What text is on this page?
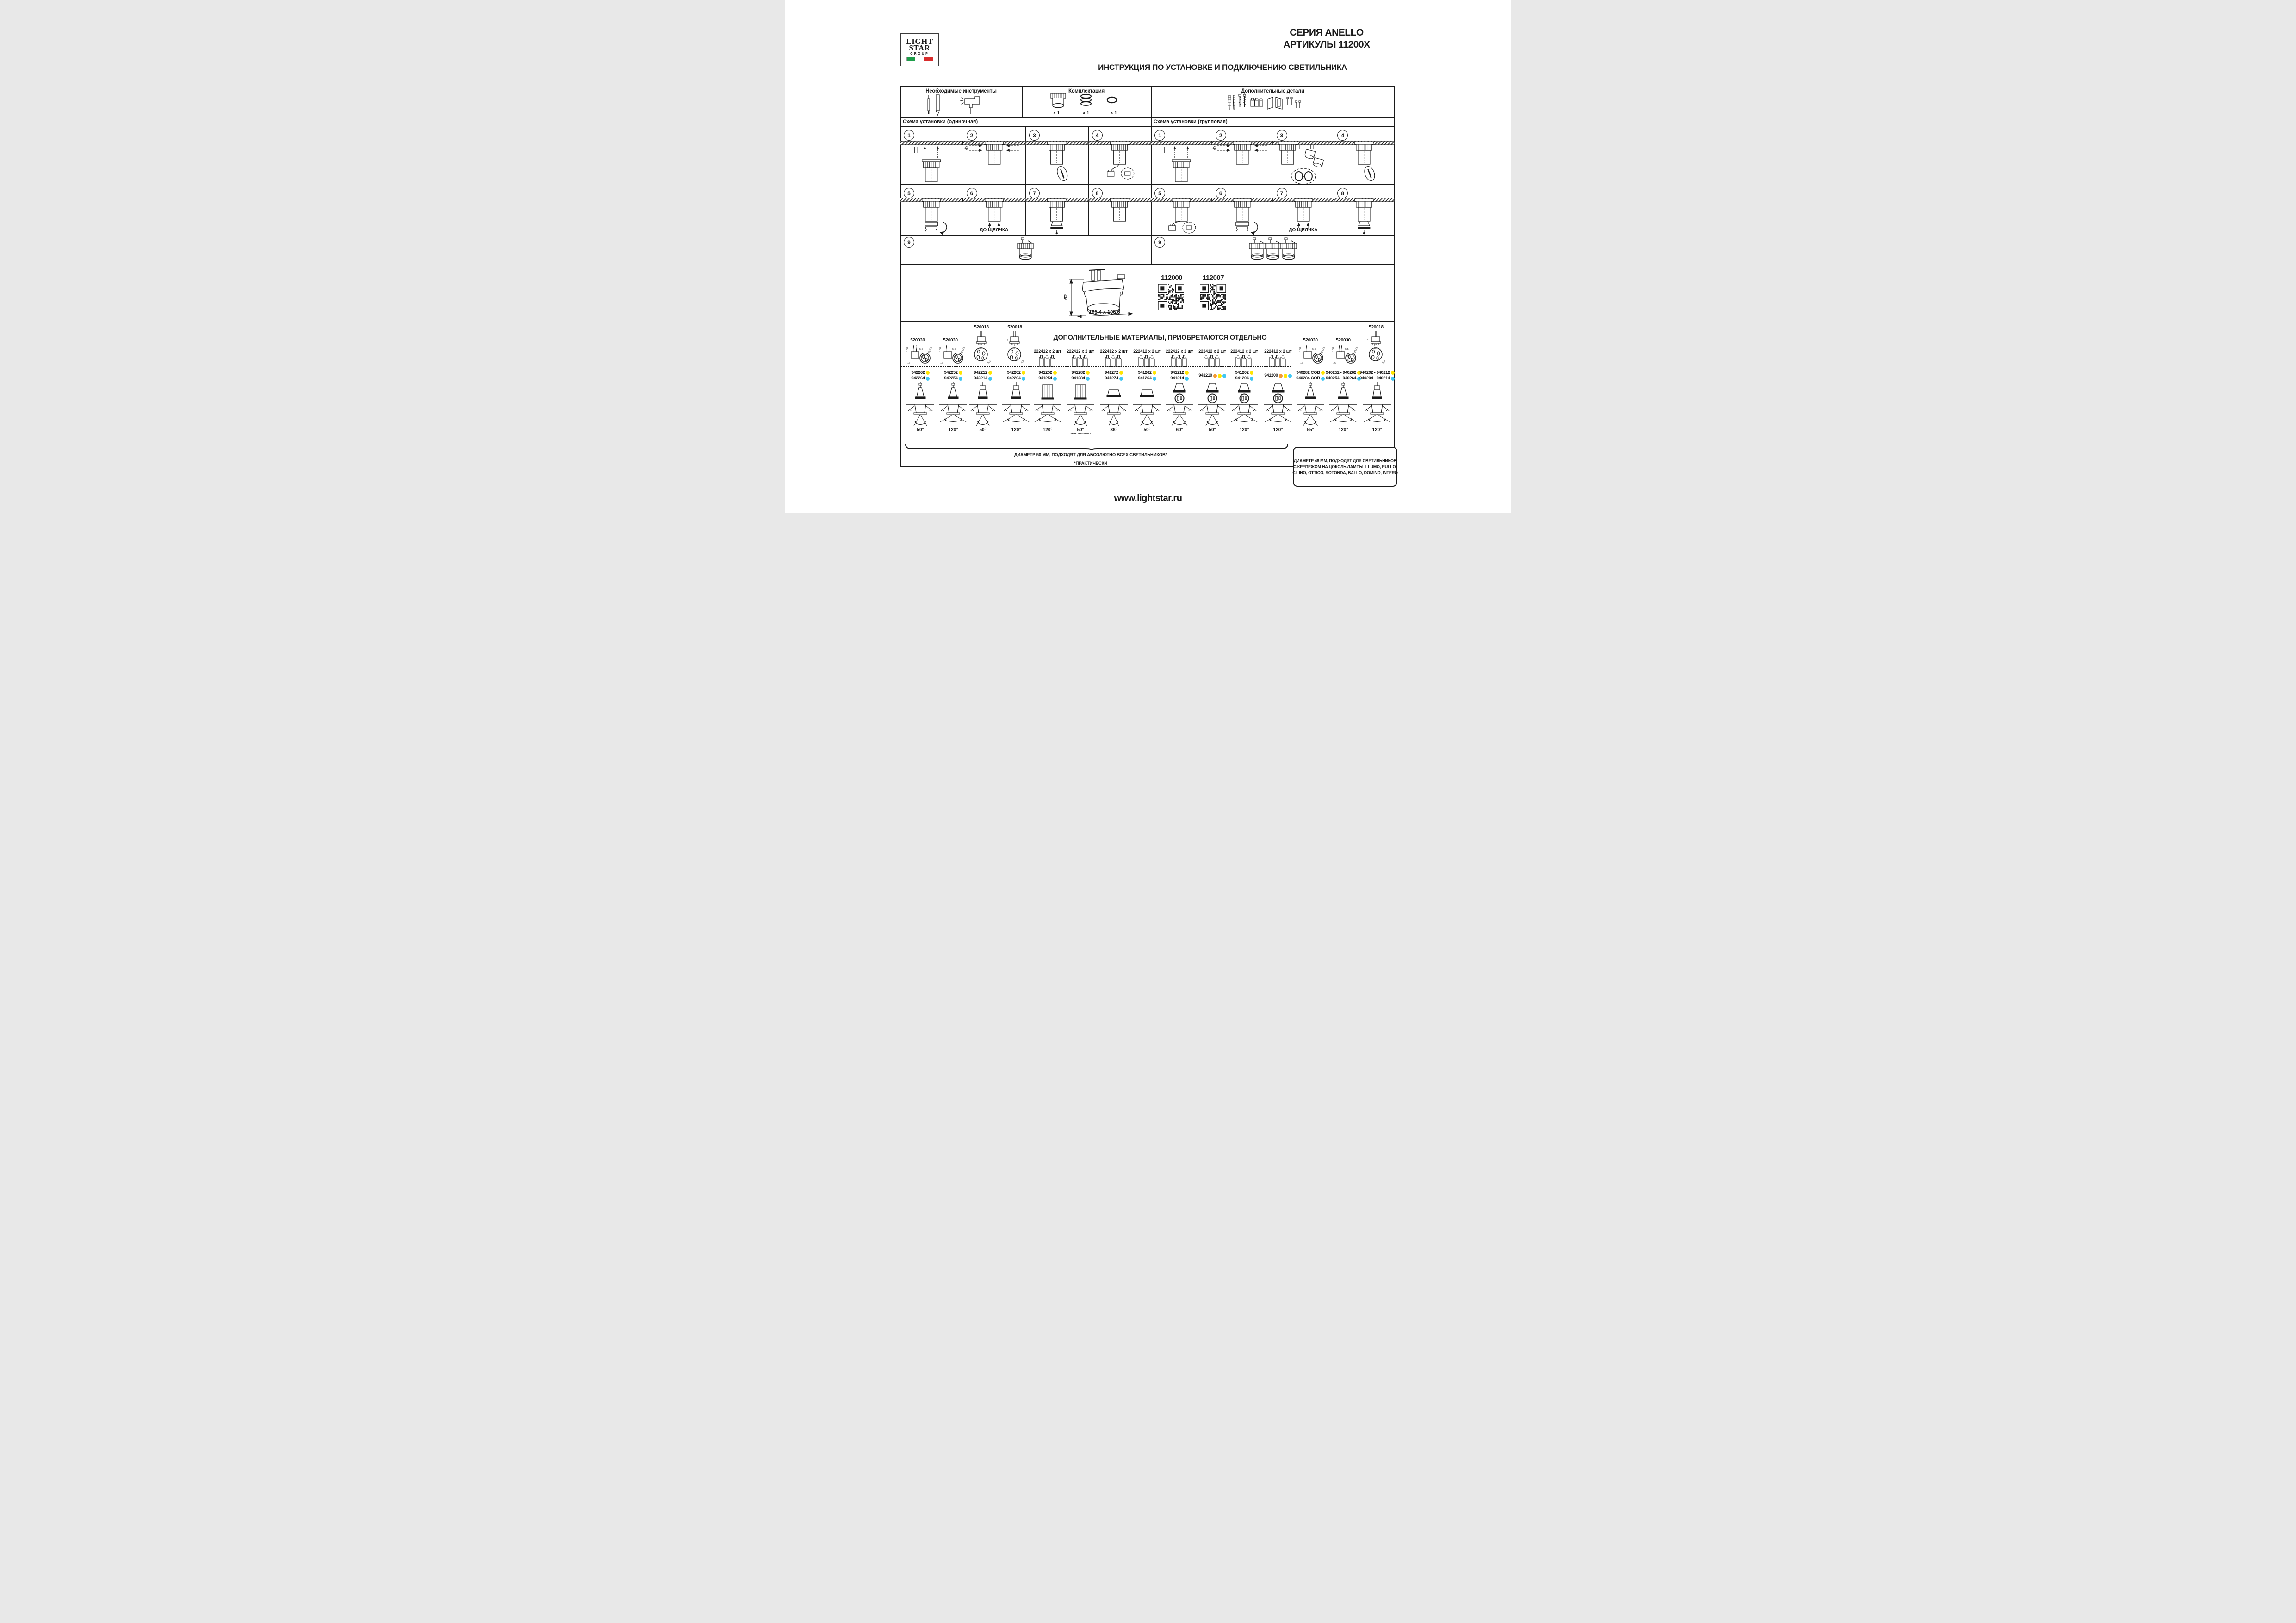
LIGHT
STAR
GROUP
СЕРИЯ ANELLO
АРТИКУЛЫ 11200X
ИНСТРУКЦИЯ ПО УСТАНОВКЕ И ПОДКЛЮЧЕНИЮ СВЕТИЛЬНИКА
Необходимые инструменты	Комплектация	Дополнительные детали
x 1	x 1	x 1
Схема установки (одиночная)	Схема установки (групповая)
62
105,4 x 108,5
112000	112007
ДОПОЛНИТЕЛЬНЫЕ МАТЕРИАЛЫ, ПРИОБРЕТАЮТСЯ ОТДЕЛЬНО
ДИАМЕТР 50 ММ, ПОДХОДЯТ ДЛЯ АБСОЛЮТНО ВСЕХ СВЕТИЛЬНИКОВ*
*ПРАКТИЧЕСКИ	ДИАМЕТР 48 ММ, ПОДХОДЯТ ДЛЯ СВЕТИЛЬНИКОВ
С КРЕПЕЖОМ НА ЦОКОЛЬ ЛАМПЫ ILLUMO, RULLO,
CILINO, OTTICO, ROTONDA, BALLO, DOMINO, INTERO
www.lightstar.ru
1	2	3	4
5	6
ДО ЩЕЛЧКА
7	8
9
1	2	3	4
5	6	7
ДО ЩЕЛЧКА
8
9
520030
150	5,5
16
Ø27,5
520030
150	5,5
16
Ø27,5
520018
10
17
12
6,3
520018
10
17
12
6,3
520030
150	5,5
16
Ø27,5
520030
150	5,5
16
Ø27,5
520018
10
17
12
6,3
222412 x 2 шт	222412 x 2 шт	222412 x 2 шт	222412 x 2 шт	222412 x 2 шт	222412 x 2 шт	222412 x 2 шт	222412 x 2 шт
942262
942264
50°
942252
942254
120°
942212
942214
50°
942202
942204
120°
941252
941254
120°
941282
941284
50°
TRIAC DIMMABLE
941272
941274
38°
941262
941264
50°
941212
941214
60°
941210
50°
941202
941204
120°
941200
120°
940282 COB
940284 COB
55°
940252 - 940262
940254 - 940264
120°
940202 - 940212
940204 - 940214
120°
